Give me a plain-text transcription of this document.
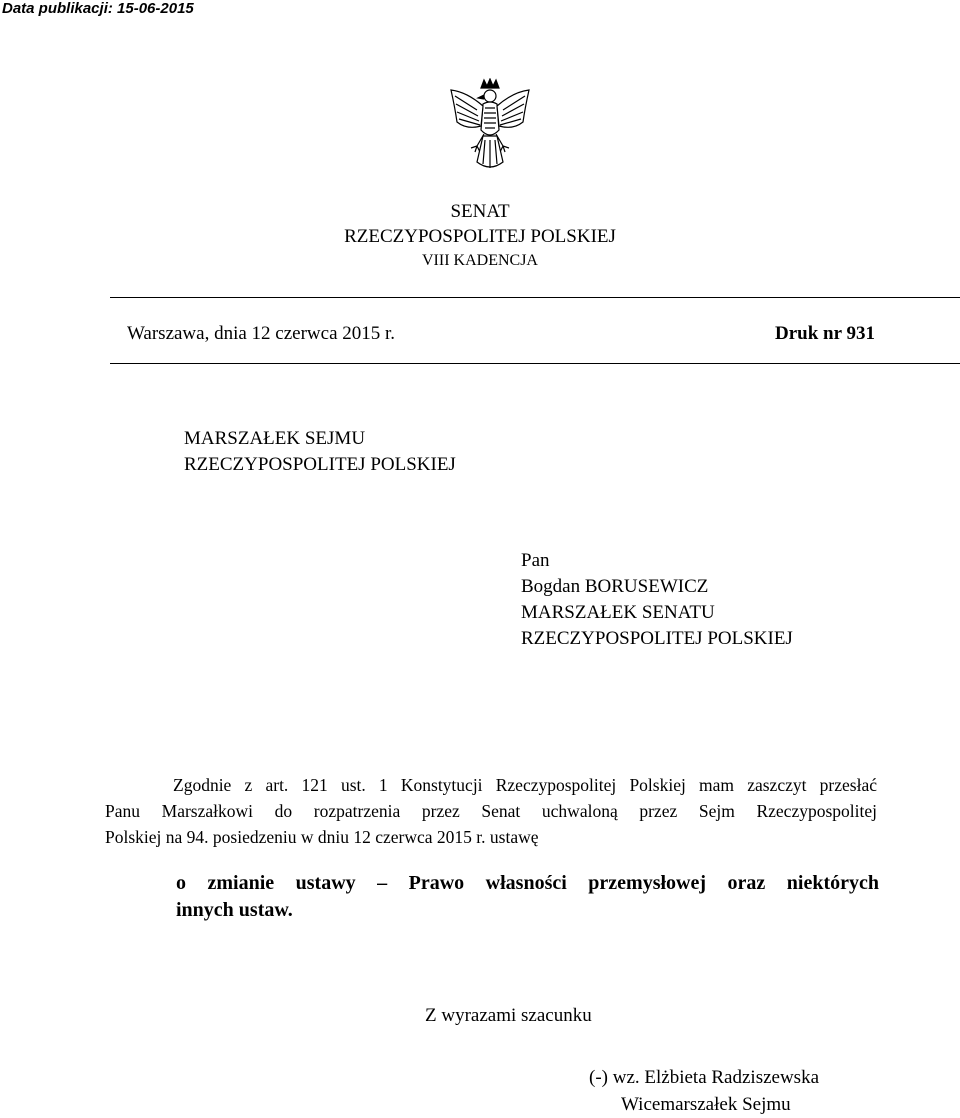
Data publikacji: 15-06-2015
SENAT
RZECZYPOSPOLITEJ POLSKIEJ
VIII KADENCJA
Warszawa, dnia 12 czerwca 2015 r.	Druk nr 931
MARSZAŁEK SEJMU
RZECZYPOSPOLITEJ POLSKIEJ
Pan
Bogdan BORUSEWICZ
MARSZAŁEK SENATU
RZECZYPOSPOLITEJ POLSKIEJ
Zgodnie z art. 121 ust. 1 Konstytucji Rzeczypospolitej Polskiej mam zaszczyt przesłać
Panu Marszałkowi do rozpatrzenia przez Senat uchwaloną przez Sejm Rzeczypospolitej
Polskiej na 94. posiedzeniu w dniu 12 czerwca 2015 r. ustawę
o zmianie ustawy – Prawo własności przemysłowej oraz niektórych
innych ustaw.
Z wyrazami szacunku
(-) wz. Elżbieta Radziszewska
Wicemarszałek Sejmu
